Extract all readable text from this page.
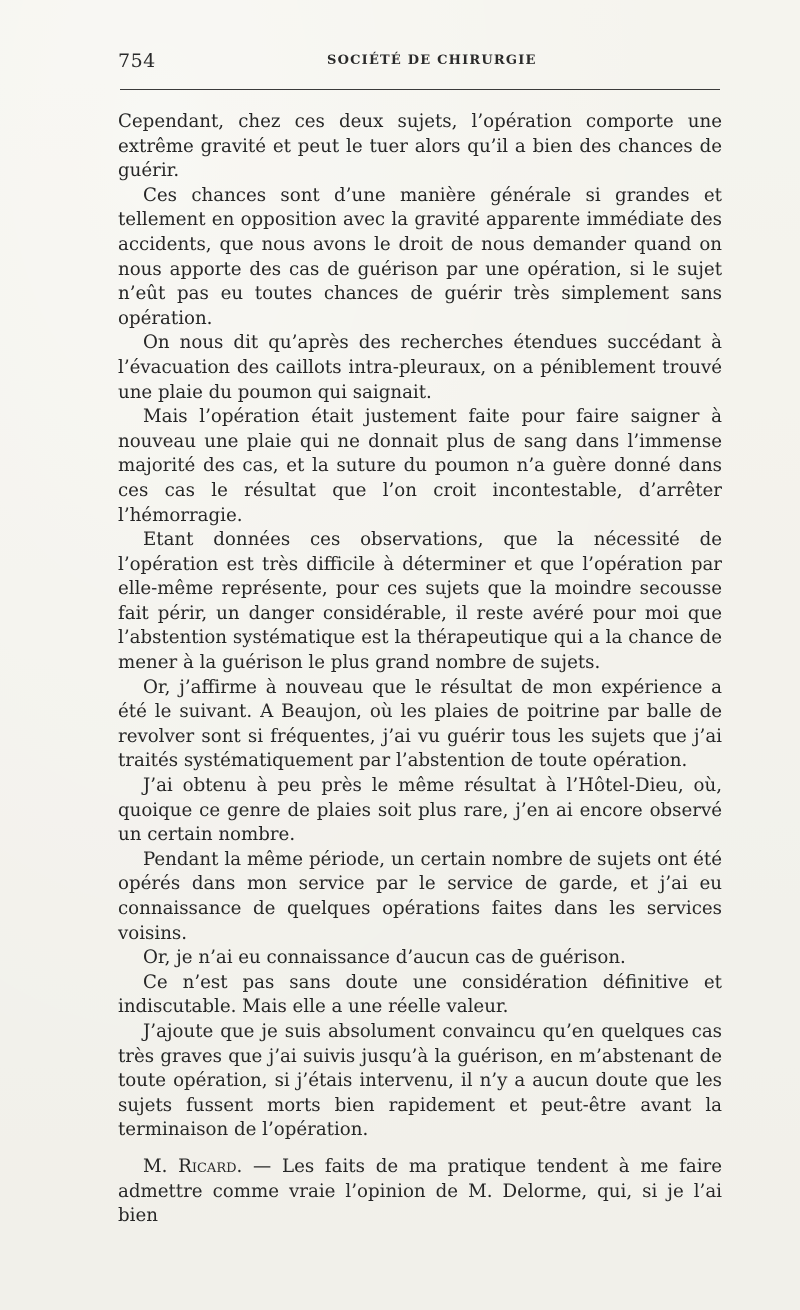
754	SOCIÉTÉ DE CHIRURGIE

Cependant, chez ces deux sujets, l’opération comporte une extrême gravité et peut le tuer alors qu’il a bien des chances de guérir.

Ces chances sont d’une manière générale si grandes et tellement en opposition avec la gravité apparente immédiate des accidents, que nous avons le droit de nous demander quand on nous apporte des cas de guérison par une opération, si le sujet n’eût pas eu toutes chances de guérir très simplement sans opération.

On nous dit qu’après des recherches étendues succédant à l’évacuation des caillots intra-pleuraux, on a péniblement trouvé une plaie du poumon qui saignait.

Mais l’opération était justement faite pour faire saigner à nouveau une plaie qui ne donnait plus de sang dans l’immense majorité des cas, et la suture du poumon n’a guère donné dans ces cas le résultat que l’on croit incontestable, d’arrêter l’hémorragie.

Etant données ces observations, que la nécessité de l’opération est très difficile à déterminer et que l’opération par elle-même représente, pour ces sujets que la moindre secousse fait périr, un danger considérable, il reste avéré pour moi que l’abstention systématique est la thérapeutique qui a la chance de mener à la guérison le plus grand nombre de sujets.

Or, j’affirme à nouveau que le résultat de mon expérience a été le suivant. A Beaujon, où les plaies de poitrine par balle de revolver sont si fréquentes, j’ai vu guérir tous les sujets que j’ai traités systématiquement par l’abstention de toute opération.

J’ai obtenu à peu près le même résultat à l’Hôtel-Dieu, où, quoique ce genre de plaies soit plus rare, j’en ai encore observé un certain nombre.

Pendant la même période, un certain nombre de sujets ont été opérés dans mon service par le service de garde, et j’ai eu connaissance de quelques opérations faites dans les services voisins.

Or, je n’ai eu connaissance d’aucun cas de guérison.

Ce n’est pas sans doute une considération définitive et indiscutable. Mais elle a une réelle valeur.

J’ajoute que je suis absolument convaincu qu’en quelques cas très graves que j’ai suivis jusqu’à la guérison, en m’abstenant de toute opération, si j’étais intervenu, il n’y a aucun doute que les sujets fussent morts bien rapidement et peut-être avant la terminaison de l’opération.

M. Ricard. — Les faits de ma pratique tendent à me faire admettre comme vraie l’opinion de M. Delorme, qui, si je l’ai bien
